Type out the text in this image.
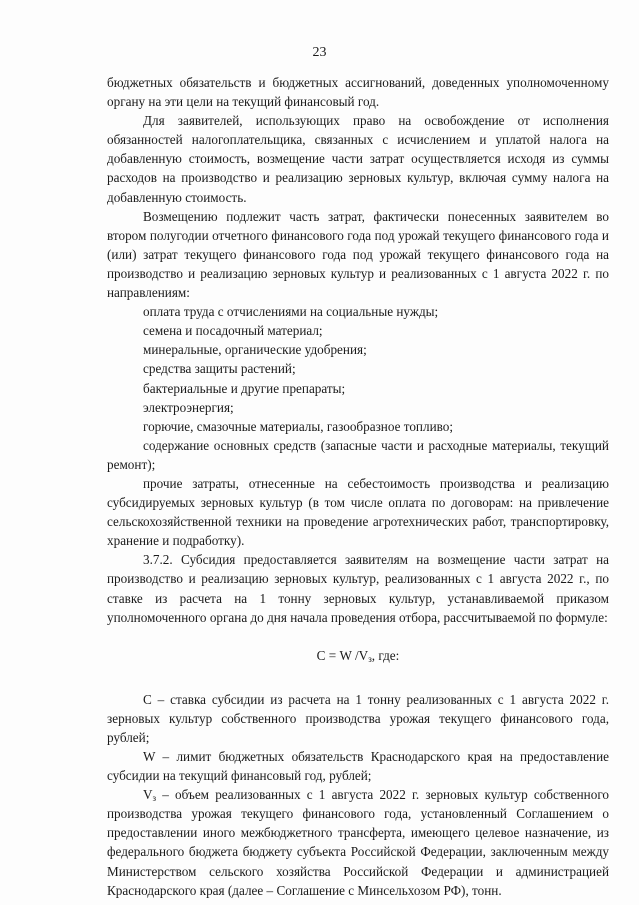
23

бюджетных обязательств и бюджетных ассигнований, доведенных уполномоченному органу на эти цели на текущий финансовый год.

Для заявителей, использующих право на освобождение от исполнения обязанностей налогоплательщика, связанных с исчислением и уплатой налога на добавленную стоимость, возмещение части затрат осуществляется исходя из суммы расходов на производство и реализацию зерновых культур, включая сумму налога на добавленную стоимость.

Возмещению подлежит часть затрат, фактически понесенных заявителем во втором полугодии отчетного финансового года под урожай текущего финансового года и (или) затрат текущего финансового года под урожай текущего финансового года на производство и реализацию зерновых культур и реализованных с 1 августа 2022 г. по направлениям:

оплата труда с отчислениями на социальные нужды;

семена и посадочный материал;

минеральные, органические удобрения;

средства защиты растений;

бактериальные и другие препараты;

электроэнергия;

горючие, смазочные материалы, газообразное топливо;

содержание основных средств (запасные части и расходные материалы, текущий ремонт);

прочие затраты, отнесенные на себестоимость производства и реализацию субсидируемых зерновых культур (в том числе оплата по договорам: на привлечение сельскохозяйственной техники на проведение агротехнических работ, транспортировку, хранение и подработку).

3.7.2. Субсидия предоставляется заявителям на возмещение части затрат на производство и реализацию зерновых культур, реализованных с 1 августа 2022 г., по ставке из расчета на 1 тонну зерновых культур, устанавливаемой приказом уполномоченного органа до дня начала проведения отбора, рассчитываемой по формуле:

С = W $/V_з$, где:

С – ставка субсидии из расчета на 1 тонну реализованных с 1 августа 2022 г. зерновых культур собственного производства урожая текущего финансового года, рублей;

W – лимит бюджетных обязательств Краснодарского края на предоставление субсидии на текущий финансовый год, рублей;

$V_з$ – объем реализованных с 1 августа 2022 г. зерновых культур собственного производства урожая текущего финансового года, установленный Соглашением о предоставлении иного межбюджетного трансферта, имеющего целевое назначение, из федерального бюджета бюджету субъекта Российской Федерации, заключенным между Министерством сельского хозяйства Российской Федерации и администрацией Краснодарского края (далее – Соглашение с Минсельхозом РФ), тонн.
